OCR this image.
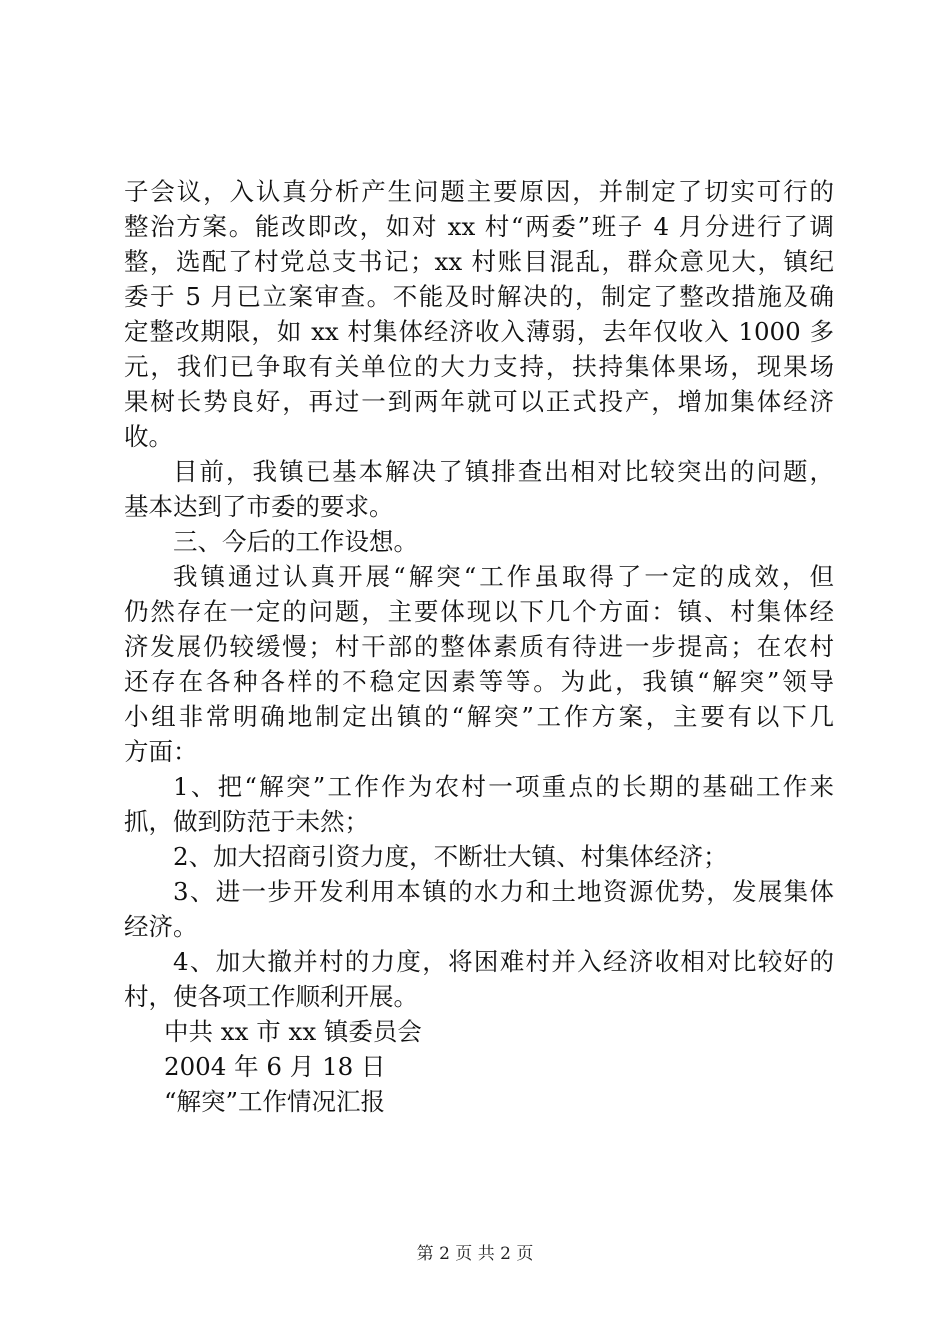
子会议，入认真分析产生问题主要原因，并制定了切实可行的
整治方案。能改即改，如对 xx 村“两委”班子 4 月分进行了调
整，选配了村党总支书记；xx 村账目混乱，群众意见大，镇纪
委于 5 月已立案审查。不能及时解决的，制定了整改措施及确
定整改期限，如 xx 村集体经济收入薄弱，去年仅收入 1000 多
元，我们已争取有关单位的大力支持，扶持集体果场，现果场
果树长势良好，再过一到两年就可以正式投产，增加集体经济
收。
目前，我镇已基本解决了镇排查出相对比较突出的问题，
基本达到了市委的要求。
三、今后的工作设想。
我镇通过认真开展“解突“工作虽取得了一定的成效，但
仍然存在一定的问题，主要体现以下几个方面：镇、村集体经
济发展仍较缓慢；村干部的整体素质有待进一步提高；在农村
还存在各种各样的不稳定因素等等。为此，我镇“解突”领导
小组非常明确地制定出镇的“解突”工作方案，主要有以下几
方面：
1、把“解突”工作作为农村一项重点的长期的基础工作来
抓，做到防范于未然；
2、加大招商引资力度，不断壮大镇、村集体经济；
3、进一步开发利用本镇的水力和土地资源优势，发展集体
经济。
4、加大撤并村的力度，将困难村并入经济收相对比较好的
村，使各项工作顺利开展。
中共 xx 市 xx 镇委员会
2004 年 6 月 18 日
“解突”工作情况汇报
第 2 页 共 2 页
